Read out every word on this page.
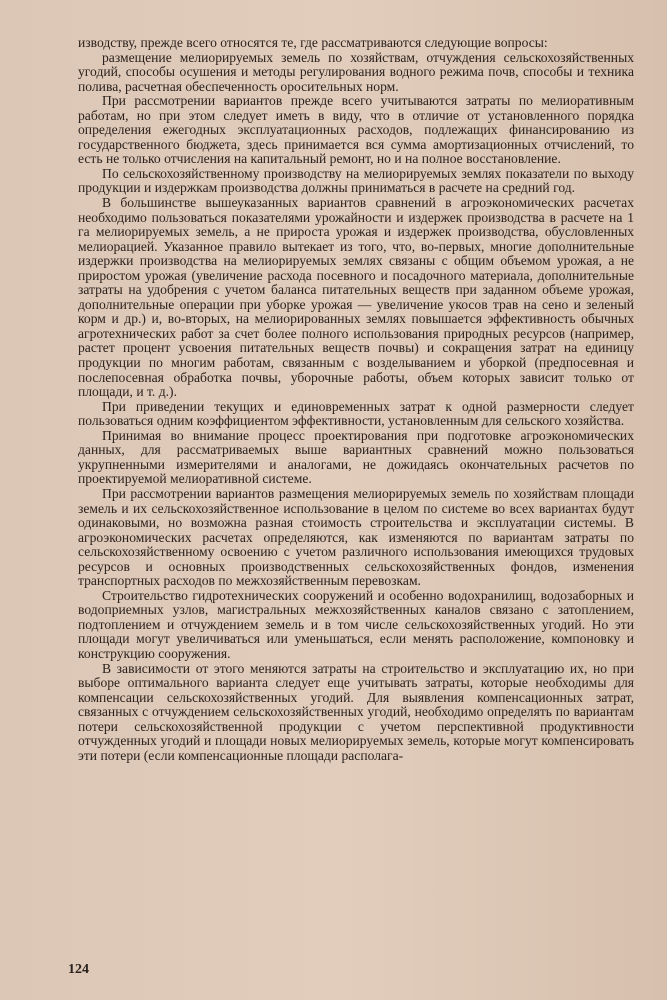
изводству, прежде всего относятся те, где рассматриваются следующие вопросы:

размещение мелиорируемых земель по хозяйствам, отчуждения сельскохозяйственных угодий, способы осушения и методы регулирования водного режима почв, способы и техника полива, расчетная обеспеченность оросительных норм.

При рассмотрении вариантов прежде всего учитываются затраты по мелиоративным работам, но при этом следует иметь в виду, что в отличие от установленного порядка определения ежегодных эксплуатационных расходов, подлежащих финансированию из государственного бюджета, здесь принимается вся сумма амортизационных отчислений, то есть не только отчисления на капитальный ремонт, но и на полное восстановление.

По сельскохозяйственному производству на мелиорируемых землях показатели по выходу продукции и издержкам производства должны приниматься в расчете на средний год.

В большинстве вышеуказанных вариантов сравнений в агроэкономических расчетах необходимо пользоваться показателями урожайности и издержек производства в расчете на 1 га мелиорируемых земель, а не прироста урожая и издержек производства, обусловленных мелиорацией. Указанное правило вытекает из того, что, во-первых, многие дополнительные издержки производства на мелиорируемых землях связаны с общим объемом урожая, а не приростом урожая (увеличение расхода посевного и посадочного материала, дополнительные затраты на удобрения с учетом баланса питательных веществ при заданном объеме урожая, дополнительные операции при уборке урожая — увеличение укосов трав на сено и зеленый корм и др.) и, во-вторых, на мелиорированных землях повышается эффективность обычных агротехнических работ за счет более полного использования природных ресурсов (например, растет процент усвоения питательных веществ почвы) и сокращения затрат на единицу продукции по многим работам, связанным с возделыванием и уборкой (предпосевная и послепосевная обработка почвы, уборочные работы, объем которых зависит только от площади, и т. д.).

При приведении текущих и единовременных затрат к одной размерности следует пользоваться одним коэффициентом эффективности, установленным для сельского хозяйства.

Принимая во внимание процесс проектирования при подготовке агроэкономических данных, для рассматриваемых выше вариантных сравнений можно пользоваться укрупненными измерителями и аналогами, не дожидаясь окончательных расчетов по проектируемой мелиоративной системе.

При рассмотрении вариантов размещения мелиорируемых земель по хозяйствам площади земель и их сельскохозяйственное использование в целом по системе во всех вариантах будут одинаковыми, но возможна разная стоимость строительства и эксплуатации системы. В агроэкономических расчетах определяются, как изменяются по вариантам затраты по сельскохозяйственному освоению с учетом различного использования имеющихся трудовых ресурсов и основных производственных сельскохозяйственных фондов, изменения транспортных расходов по межхозяйственным перевозкам.

Строительство гидротехнических сооружений и особенно водохранилищ, водозаборных и водоприемных узлов, магистральных межхозяйственных каналов связано с затоплением, подтоплением и отчуждением земель и в том числе сельскохозяйственных угодий. Но эти площади могут увеличиваться или уменьшаться, если менять расположение, компоновку и конструкцию сооружения.

В зависимости от этого меняются затраты на строительство и эксплуатацию их, но при выборе оптимального варианта следует еще учитывать затраты, которые необходимы для компенсации сельскохозяйственных угодий. Для выявления компенсационных затрат, связанных с отчуждением сельскохозяйственных угодий, необходимо определять по вариантам потери сельскохозяйственной продукции с учетом перспективной продуктивности отчужденных угодий и площади новых мелиорируемых земель, которые могут компенсировать эти потери (если компенсационные площади располага-

124
